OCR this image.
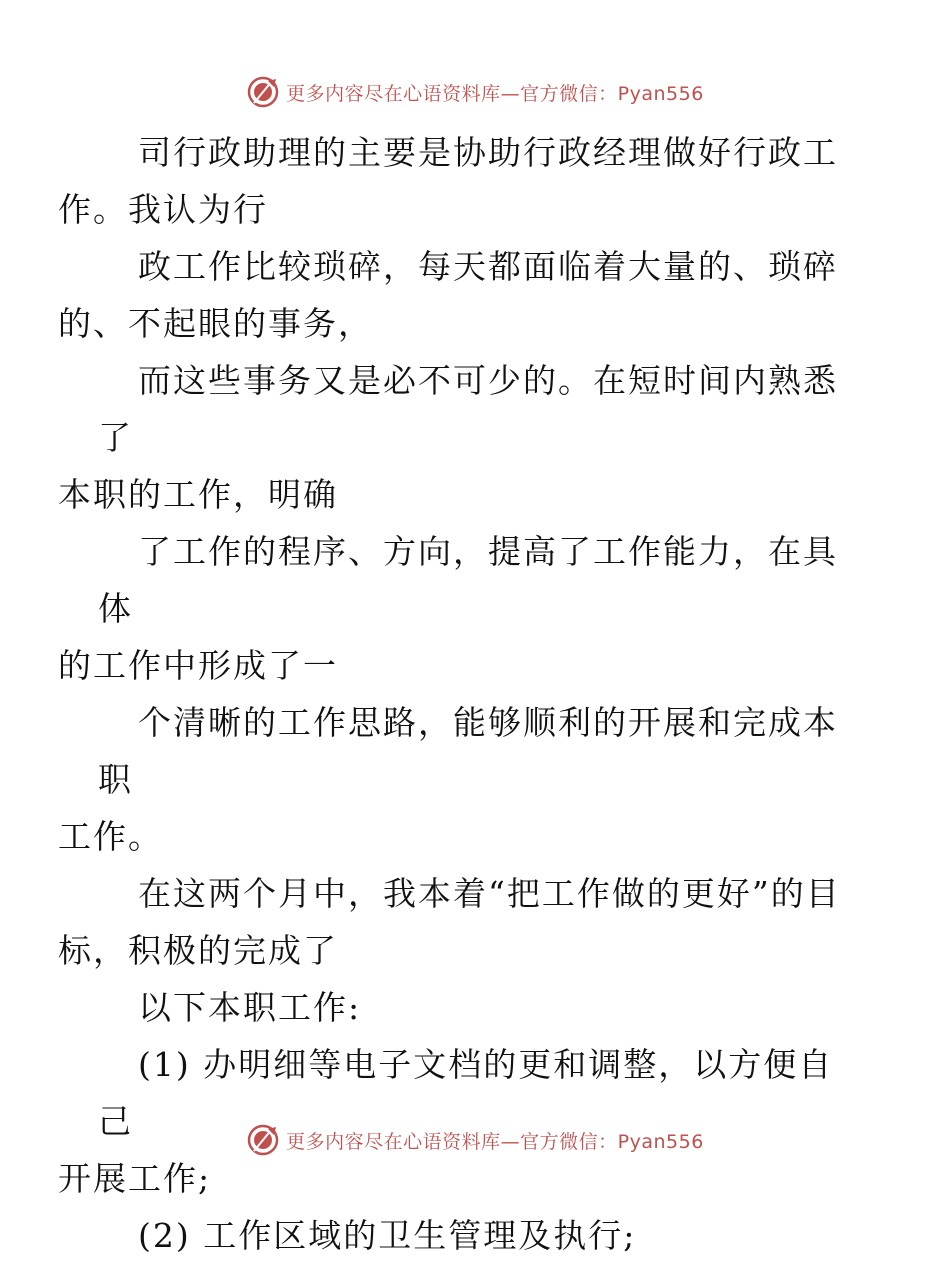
更多内容尽在心语资料库—官方微信：Pyan556

司行政助理的主要是协助行政经理做好行政工
作。我认为行

政工作比较琐碎，每天都面临着大量的、琐碎
的、不起眼的事务，

而这些事务又是必不可少的。在短时间内熟悉了
本职的工作，明确

了工作的程序、方向，提高了工作能力，在具体
的工作中形成了一

个清晰的工作思路，能够顺利的开展和完成本职
工作。

在这两个月中，我本着“把工作做的更好”的目
标，积极的完成了

以下本职工作:

(1) 办明细等电子文档的更和调整，以方便自己
开展工作;

(2) 工作区域的卫生管理及执行;

更多内容尽在心语资料库—官方微信：Pyan556
